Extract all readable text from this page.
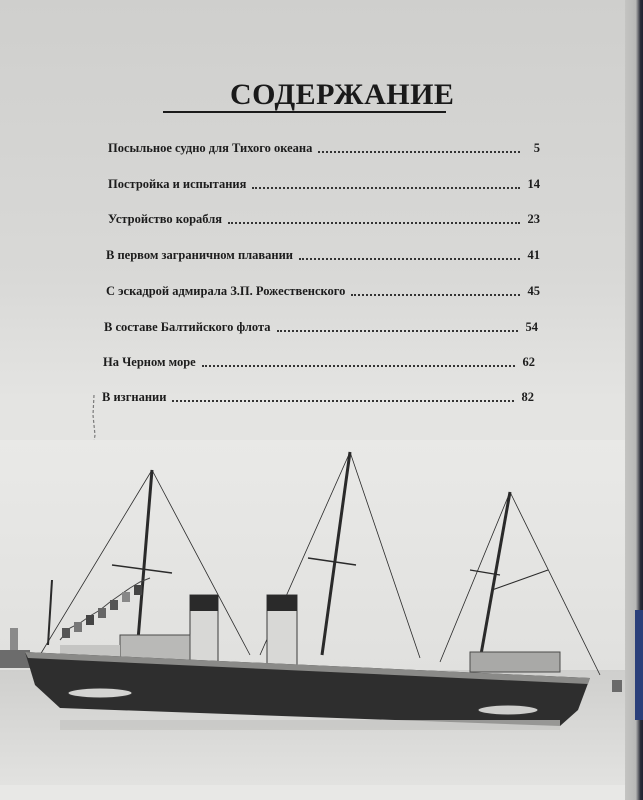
СОДЕРЖАНИЕ
Посыльное судно для Тихого океана	5
Постройка и испытания	14
Устройство корабля	23
В первом заграничном плавании	41
С эскадрой адмирала З.П. Рожественского	45
В составе Балтийского флота	54
На Черном море	62
В изгнании	82
